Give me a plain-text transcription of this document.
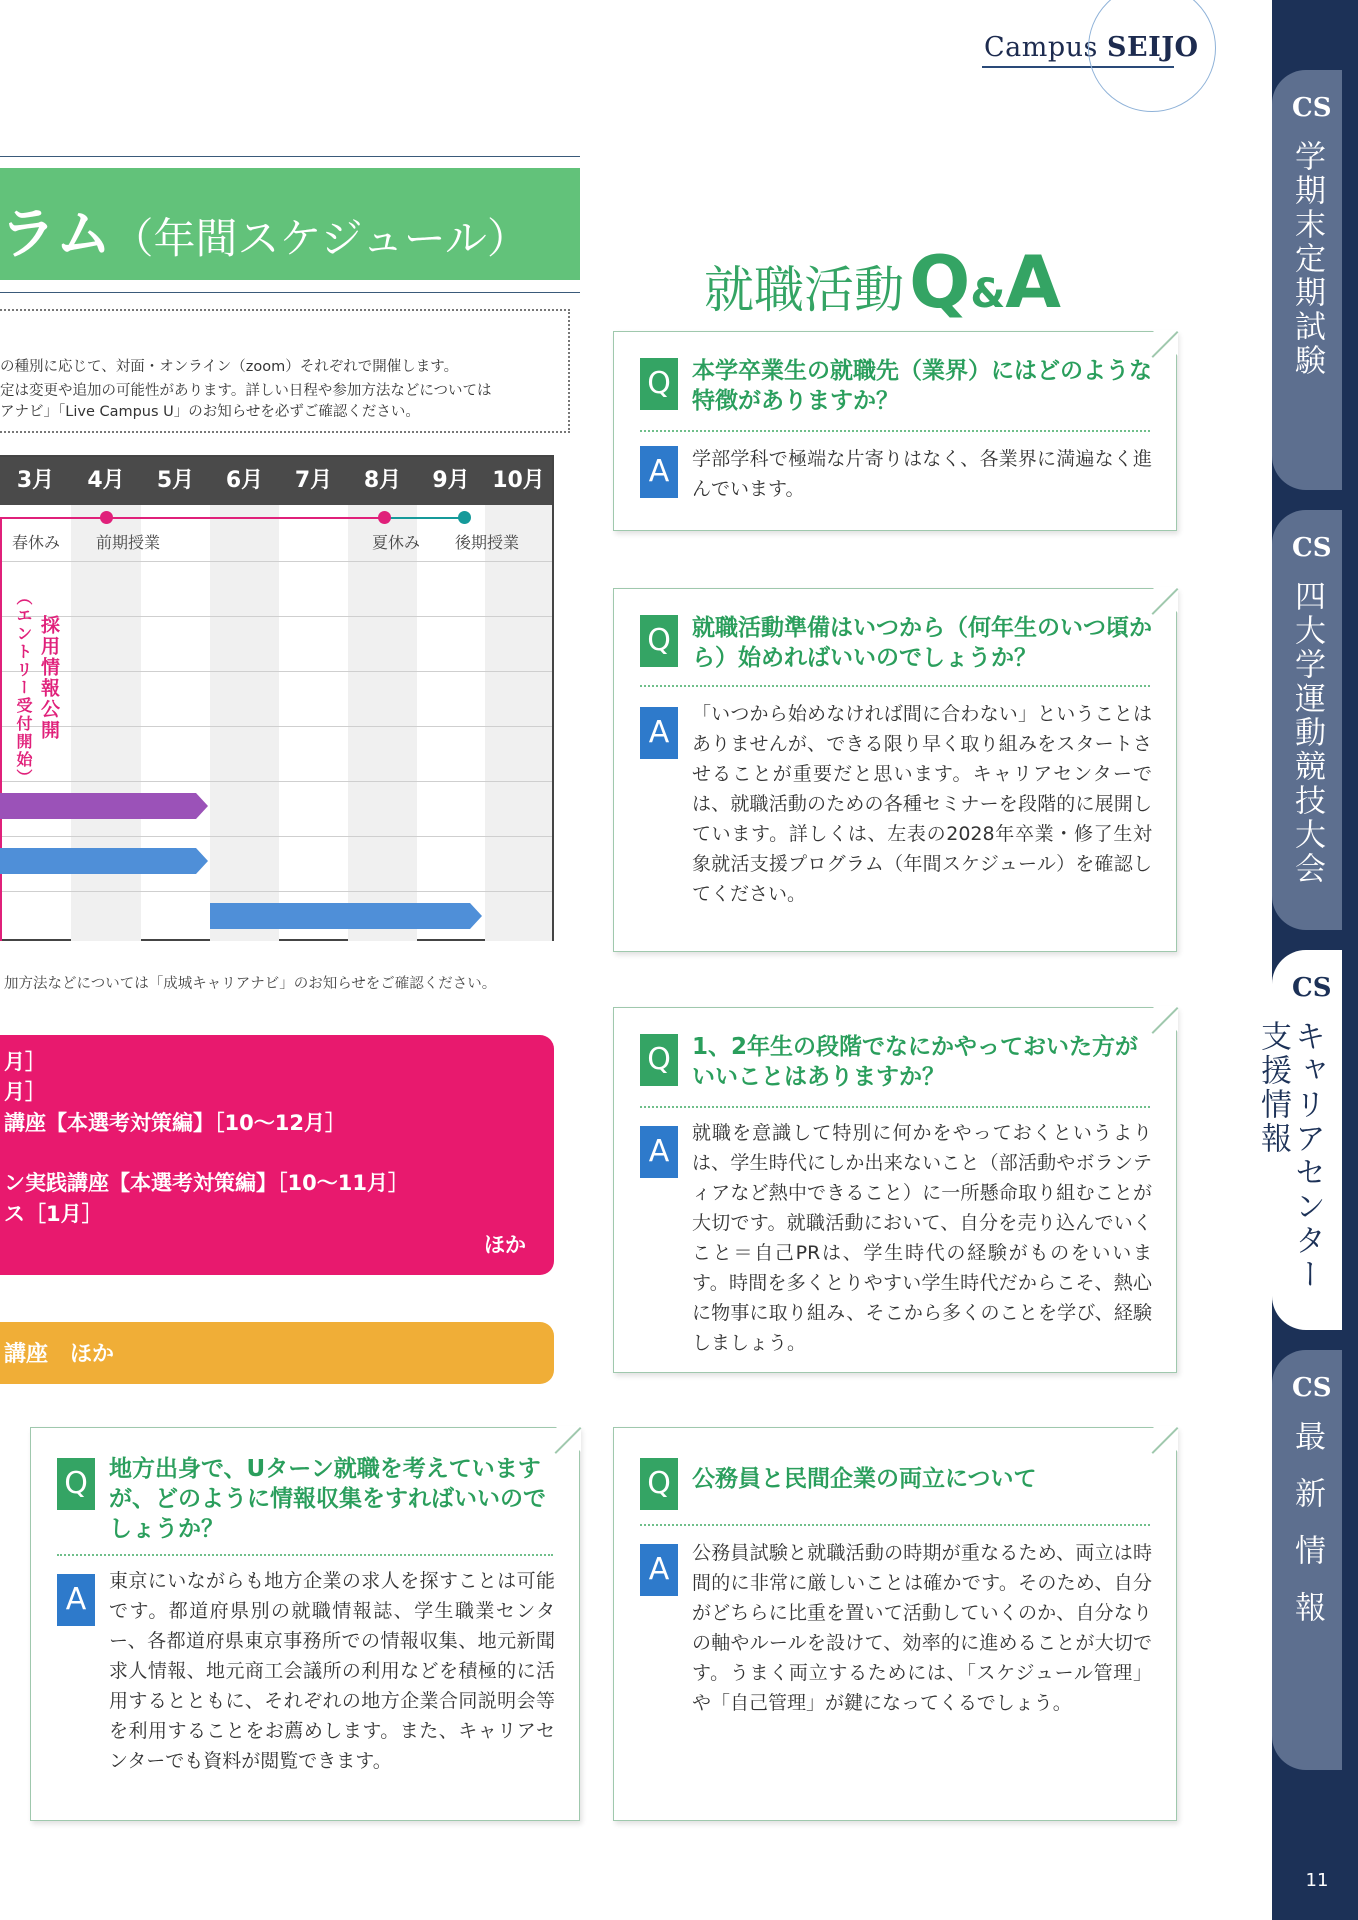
Campus SEIJO
CS
学期末定期試験
CS
四大学運動競技大会
CS
キャリアセンター支援情報
CS
最新情報
11
ラム（年間スケジュール）

の種別に応じて、対面・オンライン（zoom）それぞれで開催します。

定は変更や追加の可能性があります。詳しい日程や参加方法などについては

アナビ」「Live Campus U」のお知らせを必ずご確認ください。

3月	4月	5月	6月	7月	8月	9月	10月
春休み 前期授業	夏休み 後期授業
採用情報公開
（エントリー受付開始）
加方法などについては「成城キャリアナビ」のお知らせをご確認ください。
月］
月］
講座【本選考対策編】［10～12月］
ン実践講座【本選考対策編】［10～11月］
ス［1月］
ほか
講座　ほか
就職活動 Q&A
Q 本学卒業生の就職先（業界）にはどのような特徴がありますか？
A	学部学科で極端な片寄りはなく、各業界に満遍なく進んでいます。
Q 就職活動準備はいつから（何年生のいつ頃から）始めればいいのでしょうか？
A
「いつから始めなければ間に合わない」ということはありませんが、できる限り早く取り組みをスタートさせることが重要だと思います。キャリアセンターでは、就職活動のための各種セミナーを段階的に展開しています。詳しくは、左表の2028年卒業・修了生対象就活支援プログラム（年間スケジュール）を確認してください。
Q 1、2年生の段階でなにかやっておいた方がいいことはありますか？
A
就職を意識して特別に何かをやっておくというよりは、学生時代にしか出来ないこと（部活動やボランティアなど熱中できること）に一所懸命取り組むことが大切です。就職活動において、自分を売り込んでいくこと＝自己PRは、学生時代の経験がものをいいます。時間を多くとりやすい学生時代だからこそ、熱心に物事に取り組み、そこから多くのことを学び、経験しましょう。
Q 地方出身で、Uターン就職を考えていますが、どのように情報収集をすればいいのでしょうか？
A
東京にいながらも地方企業の求人を探すことは可能です。都道府県別の就職情報誌、学生職業センター、各都道府県東京事務所での情報収集、地元新聞求人情報、地元商工会議所の利用などを積極的に活用するとともに、それぞれの地方企業合同説明会等を利用することをお薦めします。また、キャリアセンターでも資料が閲覧できます。
Q 公務員と民間企業の両立について
A	公務員試験と就職活動の時期が重なるため、両立は時間的に非常に厳しいことは確かです。そのため、自分がどちらに比重を置いて活動していくのか、自分なりの軸やルールを設けて、効率的に進めることが大切です。うまく両立するためには、「スケジュール管理」や「自己管理」が鍵になってくるでしょう。
